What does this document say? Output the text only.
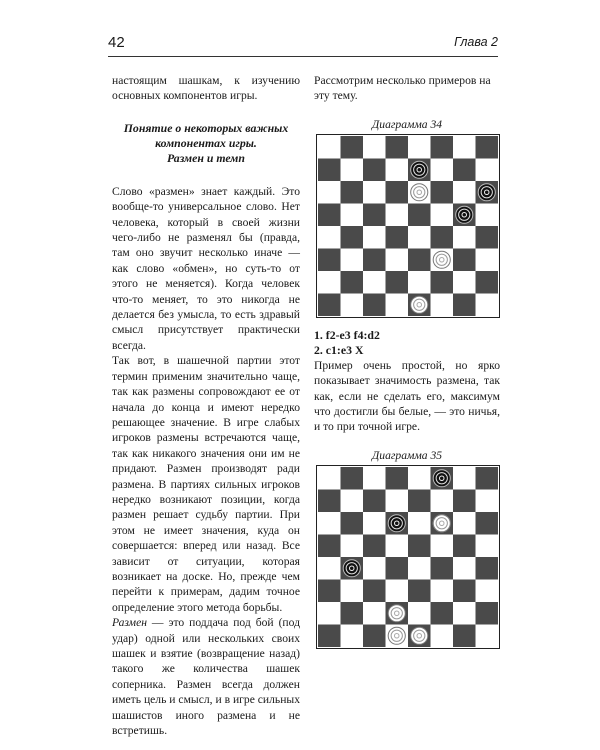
42	Глава 2

настоящим шашкам, к изучению основных компонентов игры.

Понятие о некоторых важных
компонентах игры.
Размен и темп

Слово «размен» знает каждый. Это вообще-то универсальное слово. Нет человека, который в своей жизни чего-либо не разменял бы (правда, там оно звучит несколько иначе — как слово «обмен», но суть-то от этого не меняется). Когда человек что-то меняет, то это никогда не делается без умысла, то есть здравый смысл присутствует практически всегда.

Так вот, в шашечной партии этот термин применим значительно чаще, так как размены сопровождают ее от начала до конца и имеют нередко решающее значение. В игре слабых игроков размены встречаются чаще, так как никакого значения они им не придают. Размен производят ради размена. В партиях сильных игроков нередко возникают позиции, когда размен решает судьбу партии. При этом не имеет значения, куда он совершается: вперед или назад. Все зависит от ситуации, которая возникает на доске. Но, прежде чем перейти к примерам, дадим точное определение этого метода борьбы.

Размен — это поддача под бой (под удар) одной или нескольких своих шашек и взятие (возвращение назад) такого же количества шашек соперника. Размен всегда должен иметь цель и смысл, и в игре сильных шашистов иного размена и не встретишь.

Рассмотрим несколько примеров на эту тему.

Диаграмма 34
1. f2-e3 f4:d2
2. c1:e3 X

Пример очень простой, но ярко показывает значимость размена, так как, если не сделать его, максимум что достигли бы белые, — это ничья, и то при точной игре.

Диаграмма 35
